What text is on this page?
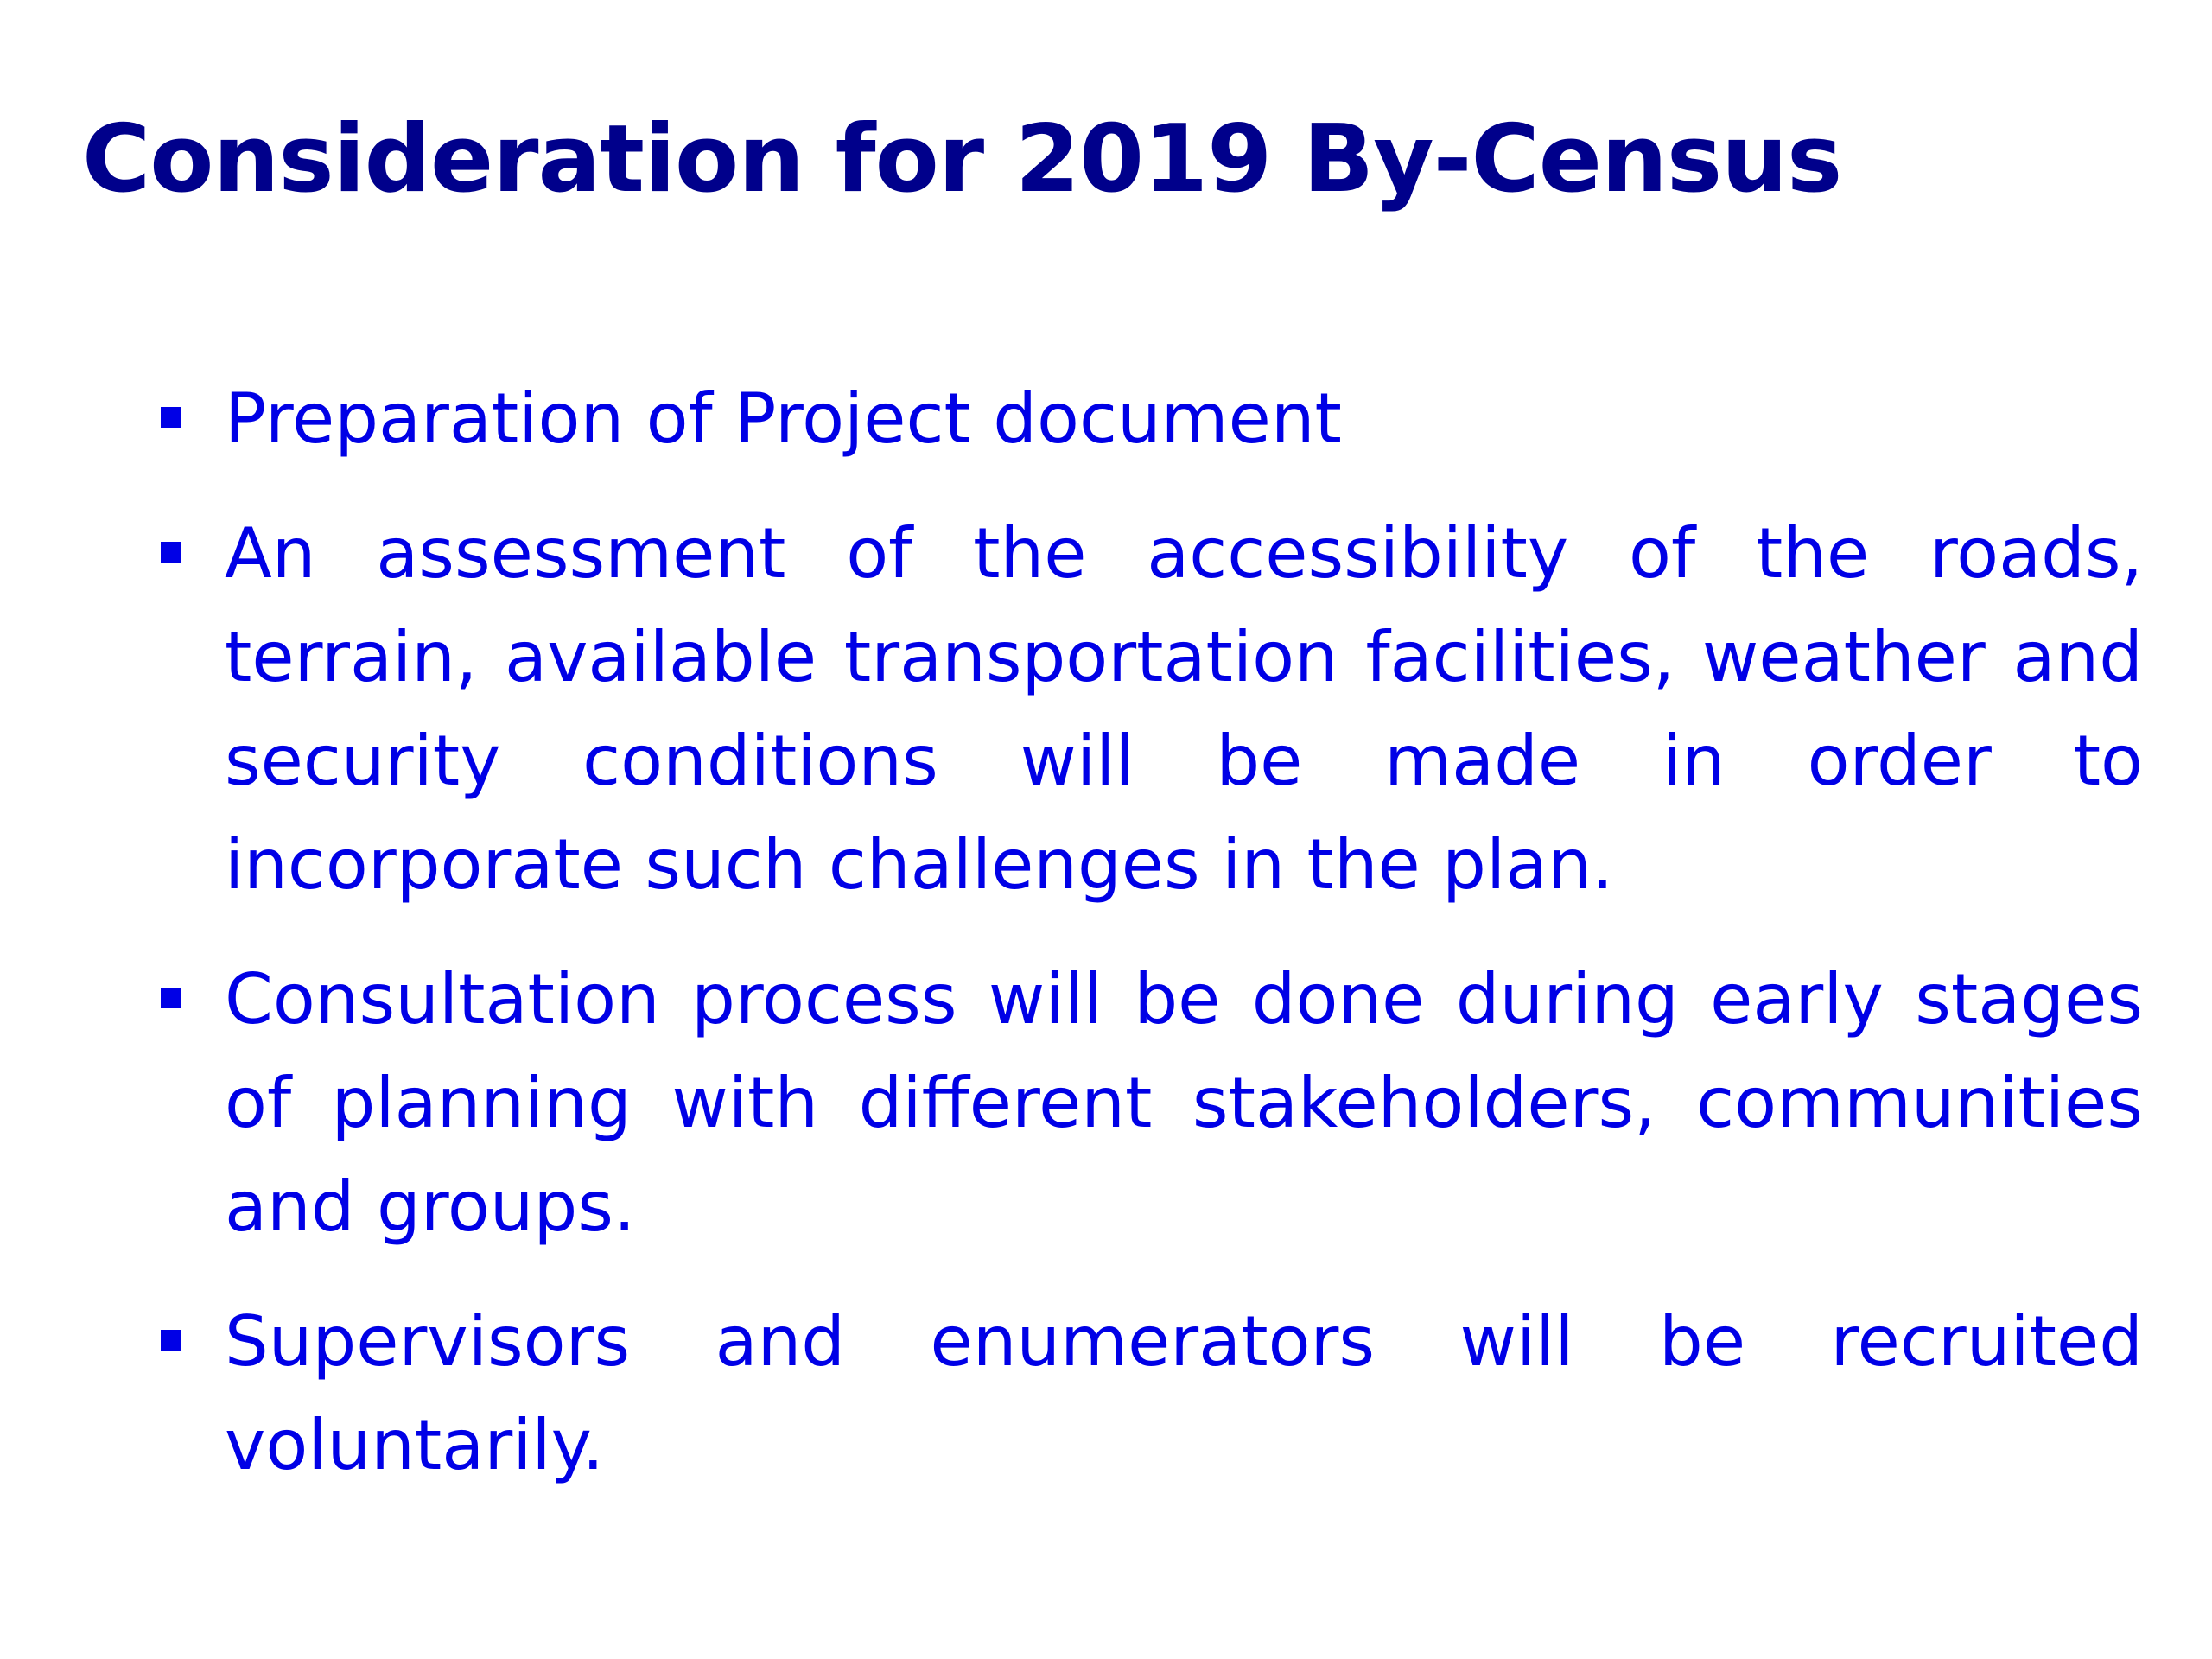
Consideration for 2019 By-Census
Preparation of Project document
An assessment of the accessibility of the roads, terrain, available transportation facilities, weather and security conditions will be made in order to incorporate such challenges in the plan.
Consultation process will be done during early stages of planning with different stakeholders, communities and groups.
Supervisors and enumerators will be recruited voluntarily.
